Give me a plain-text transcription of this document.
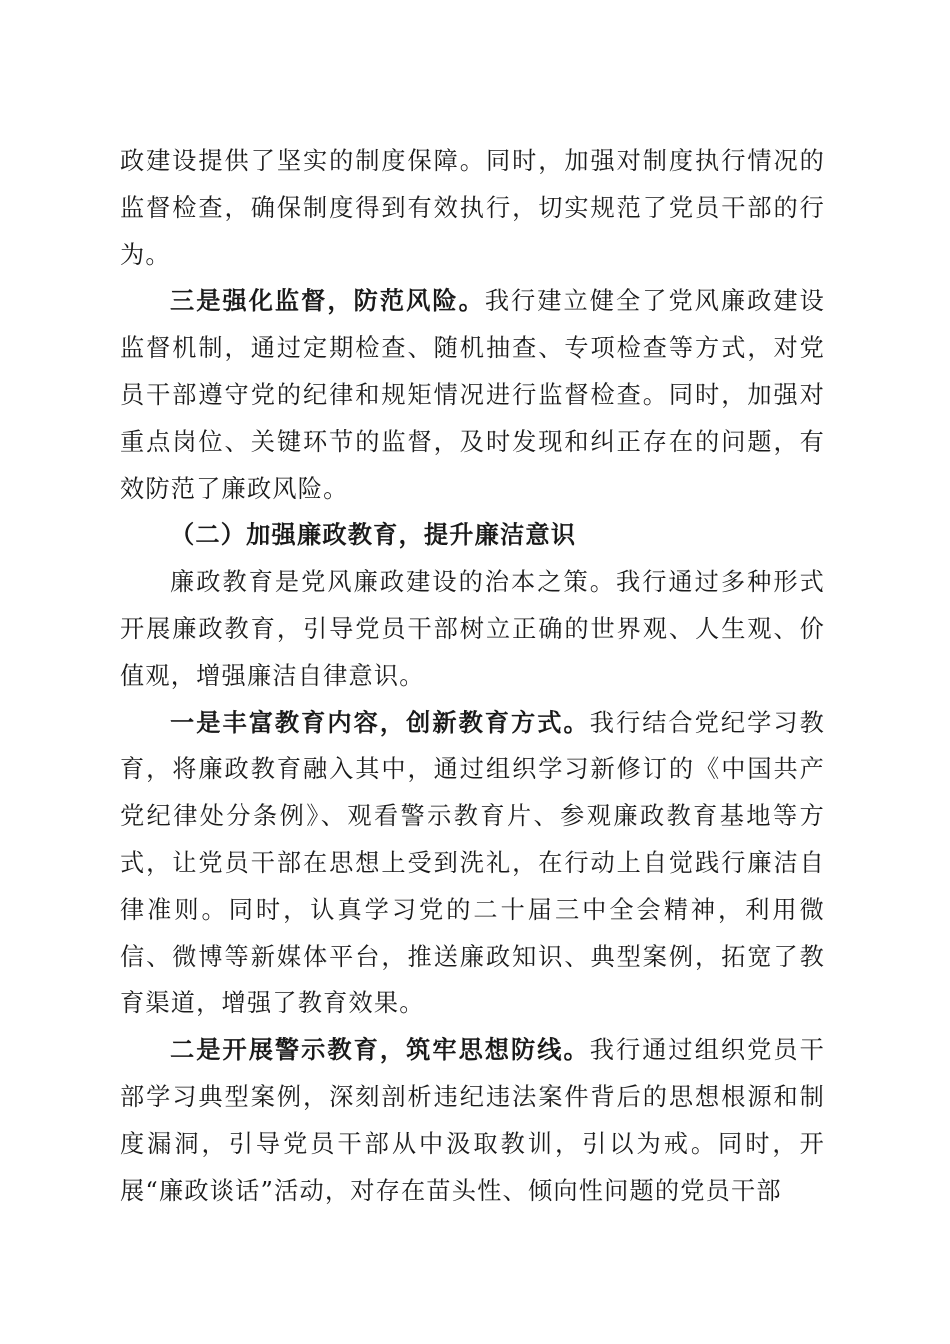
政建设提供了坚实的制度保障。同时，加强对制度执行情况的监督检查，确保制度得到有效执行，切实规范了党员干部的行为。

三是强化监督，防范风险。我行建立健全了党风廉政建设监督机制，通过定期检查、随机抽查、专项检查等方式，对党员干部遵守党的纪律和规矩情况进行监督检查。同时，加强对重点岗位、关键环节的监督，及时发现和纠正存在的问题，有效防范了廉政风险。

（二）加强廉政教育，提升廉洁意识

廉政教育是党风廉政建设的治本之策。我行通过多种形式开展廉政教育，引导党员干部树立正确的世界观、人生观、价值观，增强廉洁自律意识。

一是丰富教育内容，创新教育方式。我行结合党纪学习教育，将廉政教育融入其中，通过组织学习新修订的《中国共产党纪律处分条例》、观看警示教育片、参观廉政教育基地等方式，让党员干部在思想上受到洗礼，在行动上自觉践行廉洁自律准则。同时，认真学习党的二十届三中全会精神，利用微信、微博等新媒体平台，推送廉政知识、典型案例，拓宽了教育渠道，增强了教育效果。

二是开展警示教育，筑牢思想防线。我行通过组织党员干部学习典型案例，深刻剖析违纪违法案件背后的思想根源和制度漏洞，引导党员干部从中汲取教训，引以为戒。同时，开展“廉政谈话”活动，对存在苗头性、倾向性问题的党员干部
